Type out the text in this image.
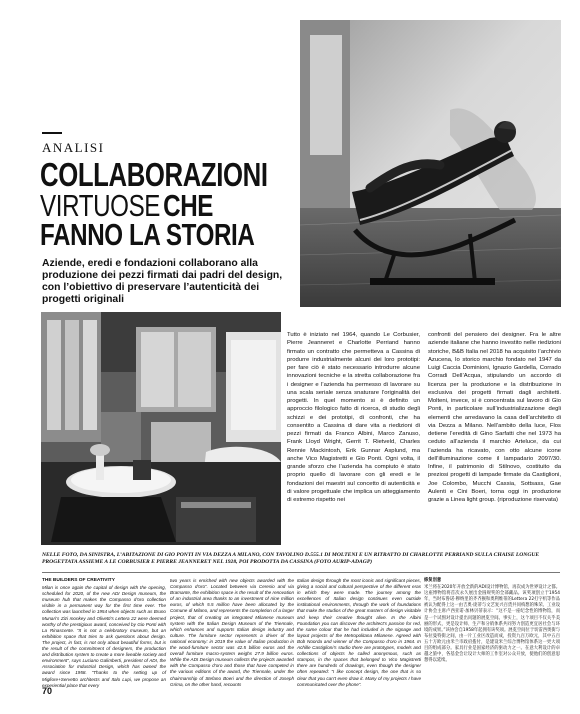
ANALISI
COLLABORAZIONI
VIRTUOSE CHE
FANNO LA STORIA
Aziende, eredi e fondazioni collaborano alla produzione dei pezzi firmati dai padri del design, con l’obiettivo di preservare l’autenticità dei progetti originali
Tutto è iniziato nel 1964, quando Le Corbusier, Pierre Jeanneret e Charlotte Perriand hanno firmato un contratto che permetteva a Cassina di produrre industrialmente alcuni dei loro prototipi: per fare ciò è stato necessario introdurre alcune innovazioni tecniche e la stretta collaborazione fra i designer e l’azienda ha permesso di lavorare su una scala seriale senza snaturare l’originalità dei progetti. In quel momento si è definito un approccio filologico fatto di ricerca, di studio degli schizzi e dei prototipi, di confronti, che ha consentito a Cassina di dare vita a riedizioni di pezzi firmati da Franco Albini, Marco Zanuso, Frank Lloyd Wright, Gerrit T. Rietveld, Charles Rennie Mackintosh, Erik Gunnar Asplund, ma anche Vico Magistretti e Gio Ponti. Ogni volta, il grande sforzo che l’azienda ha compiuto è stato proprio quello di lavorare con gli eredi e le fondazioni dei maestri sul concetto di autenticità e di valore progettuale che implica un atteggiamento di estremo rispetto nei
confronti del pensiero dei designer. Fra le altre aziende italiane che hanno investito nelle riedizioni storiche, B&B Italia nel 2018 ha acquisito l’archivio Azucena, lo storico marchio fondato nel 1947 da Luigi Caccia Dominioni, Ignazio Gardella, Corrado Corradi Dell’Acqua, stipulando un accordo di licenza per la produzione e la distribuzione in esclusiva dei progetti firmati dagli architetti. Molteni, invece, si è concentrata sul lavoro di Gio Ponti, in particolare sull’industrializzazione degli elementi che arredavano la casa dell’architetto di via Dezza a Milano. Nell’ambito della luce, Flos detiene l’eredità di Gino Sarfatti che nel 1973 ha ceduto all’azienda il marchio Arteluce, da cui l’azienda ha ricavato, con otto alcune icone dell’illuminazione come il lampadario 2097/30. Infine, il patrimonio di Stilnovo, costituito da preziosi progetti di lampade firmate da Castiglioni, Joe Colombo, Mucchi Cassia, Sottsass, Gae Aulenti e Cini Boeri, torna oggi in produzione grazie a Linea light group. (riproduzione riservata)
NELLE FOTO, DA SINISTRA, L’ABITAZIONE DI GIO PONTI IN VIA DEZZA A MILANO, CON TAVOLINO D.555.1 DI MOLTENI E UN RITRATTO DI CHARLOTTE PERRIAND SULLA CHAISE LONGUE PROGETTATA ASSIEME A LE CORBUSIER E PIERRE JEANNERET NEL 1928, POI PRODOTTA DA CASSINA (FOTO AURIP-ADAGP)
THE BUILDERS OF CREATIVITY
Milan is once again the capital of design with the opening, scheduled for 2020, of the new ADI Design museum, the museum hub that makes the Compasso d’oro collection visible in a permanent way for the first time ever. The collection was launched in 1954 when objects such as Bruno Munari’s Zizi monkey and Olivetti’s Lettera 22 were deemed worthy of the prestigious award, conceived by Gio Ponti with La Rinascente. “It is not a celebratory museum, but an exhibition space that tries to ask questions about design. The project, in fact, is not only about beautiful forms, but is the result of the commitment of designers, the production and distribution system to create a more liveable society and environment”, says Luciano Galimberti, president of ADI, the Association for Industrial Design, which has owned the award since 1958. “Thanks to the setting up of Migliore+Servetto architects and Italo Lupi, we propose an experiential place that every
two years is enriched with new objects awarded with the Compasso d’oro”. Located between via Ceresio and via Bramante, the exhibition space is the result of the renovation of an industrial area thanks to an investment of nine million euros, of which 5.5 million have been allocated by the Comune di Milano, and represents the completion of a larger project, that of creating an integrated Milanese museum system with the Italian Design Museum of the Triennale, which enhances and supports Italian design industry and culture. The furniture sector represents a driver of the national economy: in 2019 the value of Italian production in the wood-furniture sector was 42.5 billion euros and the overall furniture macro-system weighs 27.9 billion euros. While the ADI Design museum collects the projects awarded with the Compasso d’oro and those that have competed in the various editions of the award, the Triennale, under the chairmanship of Stefano Boeri and the direction of Joseph Grima, on the other hand, recounts
Italian design through the most iconic and significant pieces, giving a social and cultural perspective of the different eras in which they were made. The journey among the excellences of Italian design continues even outside institutional environments, through the work of foundations that make the studios of the great masters of design visitable and keep their creative thought alive. In the Albini Foundation you can discover the architect’s passion for red, the same colour that he had included in the signage and layout projects of the Metropolitana Milanese. Agreed with Bob Noorda and winner of the Compasso d’oro in 1964. In Achille Castiglioni’s studio there are prototypes, models and collections of objects he called anonymous, such as stampos, in the spaces that belonged to Vico Magistretti there are hundreds of drawings, even though the designer often repeated: “I like concept design, the one that is so clear that you can’t even draw it. Many of my projects I have communicated over the phone”.
修复创意
米兰将在2020年开放全新的ADI设计博物馆，再次成为世界设计之都。这座博物馆将首次永久展出金圆规奖的全部藏品。该奖项创立于1954年，当时布鲁诺·穆纳里的齐齐猴和奥利维蒂的Lettera 22打字机等作品被认为配得上这一由吉奥·庞蒂与文艺复兴百货共同构想的殊荣。工业设计协会主席卢西亚诺·加林贝蒂表示：“这不是一座纪念性的博物馆，而是一个试图对设计提出问题的展览空间。事实上，这个项目不仅关乎美丽的形式，更是设计师、生产和分销体系共同努力创造更宜居社会与环境的成果。”该协会自1958年起拥有该奖项。展览空间位于切雷西奥街与布拉曼特街之间，由一片工业区改造而成，投资九百万欧元，其中五百五十万欧元由米兰市政府拨付，是建设米兰综合博物馆体系这一更大项目的组成部分。家具行业是国家经济的驱动力之一。在意大利设计的卓越之旅中，各基金会让设计大师的工作室对公众开放，使他们的创意思想得以延续。
70
